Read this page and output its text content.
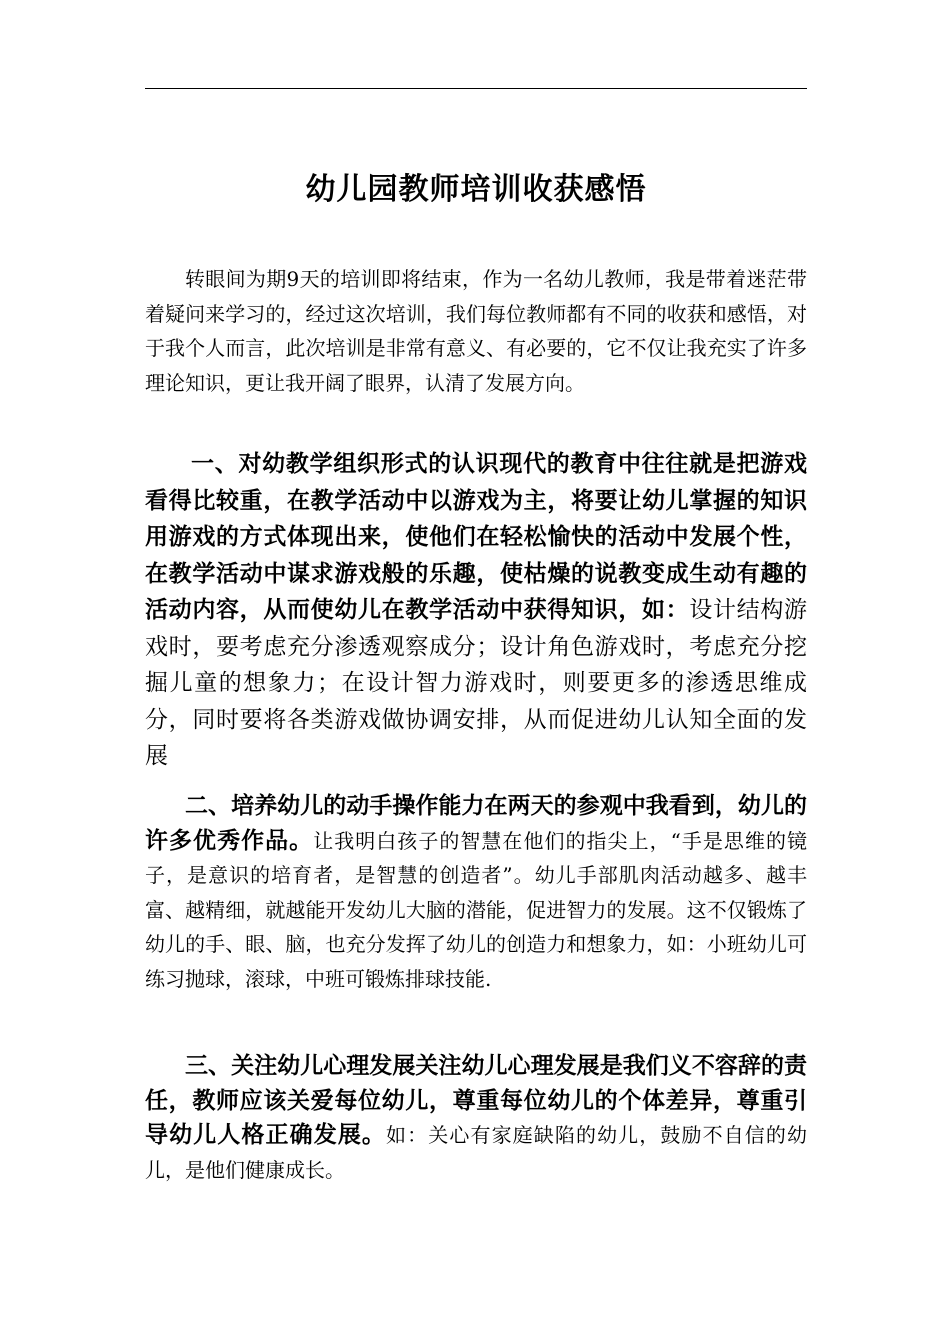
幼儿园教师培训收获感悟

转眼间为期9天的培训即将结束，作为一名幼儿教师，我是带着迷茫带着疑问来学习的，经过这次培训，我们每位教师都有不同的收获和感悟，对于我个人而言，此次培训是非常有意义、有必要的，它不仅让我充实了许多理论知识，更让我开阔了眼界，认清了发展方向。

一、对幼教学组织形式的认识现代的教育中往往就是把游戏看得比较重，在教学活动中以游戏为主，将要让幼儿掌握的知识用游戏的方式体现出来，使他们在轻松愉快的活动中发展个性，在教学活动中谋求游戏般的乐趣，使枯燥的说教变成生动有趣的活动内容，从而使幼儿在教学活动中获得知识，如：设计结构游戏时，要考虑充分渗透观察成分；设计角色游戏时，考虑充分挖掘儿童的想象力；在设计智力游戏时，则要更多的渗透思维成分，同时要将各类游戏做协调安排，从而促进幼儿认知全面的发展

二、培养幼儿的动手操作能力在两天的参观中我看到，幼儿的许多优秀作品。让我明白孩子的智慧在他们的指尖上，“手是思维的镜子，是意识的培育者，是智慧的创造者”。幼儿手部肌肉活动越多、越丰富、越精细，就越能开发幼儿大脑的潜能，促进智力的发展。这不仅锻炼了幼儿的手、眼、脑，也充分发挥了幼儿的创造力和想象力，如：小班幼儿可练习抛球，滚球，中班可锻炼排球技能.

三、关注幼儿心理发展关注幼儿心理发展是我们义不容辞的责任，教师应该关爱每位幼儿，尊重每位幼儿的个体差异，尊重引导幼儿人格正确发展。如：关心有家庭缺陷的幼儿，鼓励不自信的幼儿，是他们健康成长。
